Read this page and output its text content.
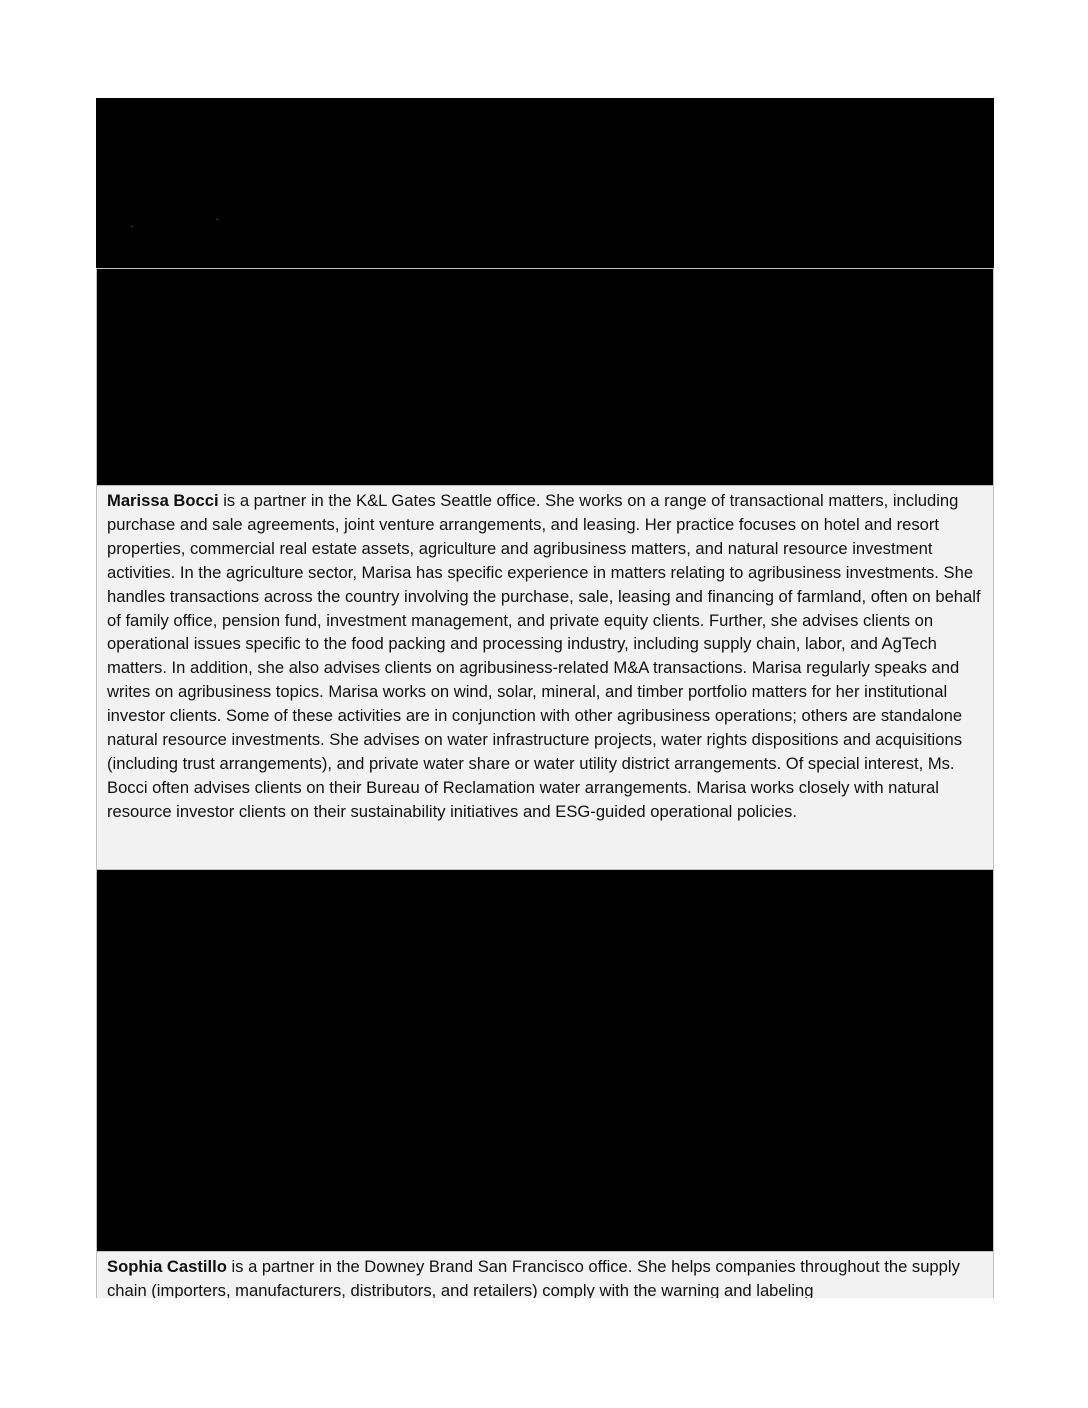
Marissa Bocci is a partner in the K&L Gates Seattle office. She works on a range of transactional matters, including purchase and sale agreements, joint venture arrangements, and leasing. Her practice focuses on hotel and resort properties, commercial real estate assets, agriculture and agribusiness matters, and natural resource investment activities. In the agriculture sector, Marisa has specific experience in matters relating to agribusiness investments. She handles transactions across the country involving the purchase, sale, leasing and financing of farmland, often on behalf of family office, pension fund, investment management, and private equity clients. Further, she advises clients on operational issues specific to the food packing and processing industry, including supply chain, labor, and AgTech matters. In addition, she also advises clients on agribusiness-related M&A transactions. Marisa regularly speaks and writes on agribusiness topics. Marisa works on wind, solar, mineral, and timber portfolio matters for her institutional investor clients. Some of these activities are in conjunction with other agribusiness operations; others are standalone natural resource investments. She advises on water infrastructure projects, water rights dispositions and acquisitions (including trust arrangements), and private water share or water utility district arrangements. Of special interest, Ms. Bocci often advises clients on their Bureau of Reclamation water arrangements. Marisa works closely with natural resource investor clients on their sustainability initiatives and ESG-guided operational policies.
Sophia Castillo is a partner in the Downey Brand San Francisco office. She helps companies throughout the supply chain (importers, manufacturers, distributors, and retailers) comply with the warning and labeling
